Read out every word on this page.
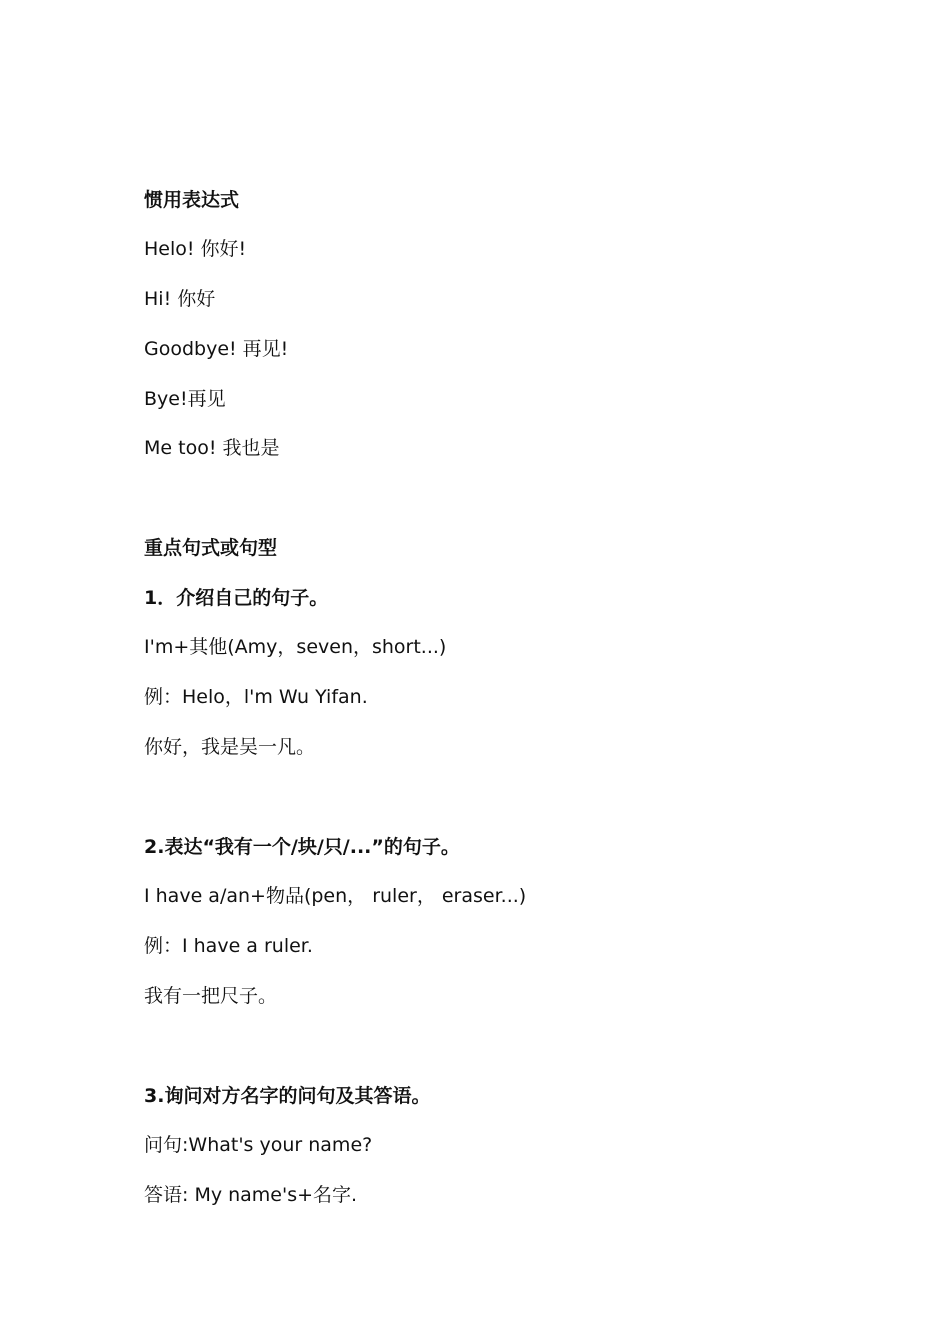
惯用表达式
Helo! 你好!
Hi! 你好
Goodbye! 再见!
Bye!再见
Me too! 我也是
重点句式或句型
1．介绍自己的句子。
I'm+其他(Amy，seven，short...)
例：Helo，l'm Wu Yifan.
你好，我是吴一凡。
2.表达“我有一个/块/只/...”的句子。
I have a/an+物品(pen， ruler， eraser...)
例：I have a ruler.
我有一把尺子。
3.询问对方名字的问句及其答语。
问句:What's your name?
答语: My name's+名字.
